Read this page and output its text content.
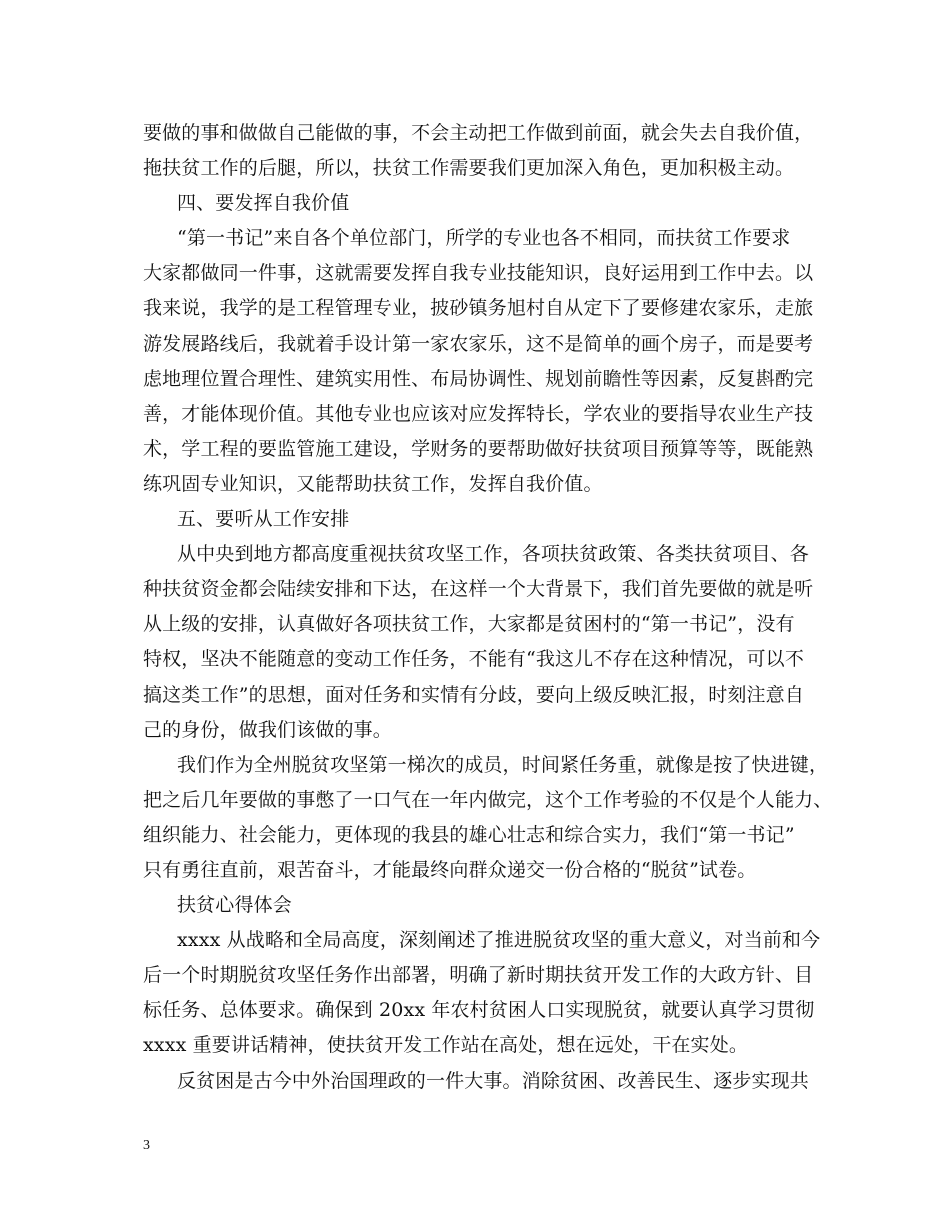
要做的事和做做自己能做的事，不会主动把工作做到前面，就会失去自我价值，
拖扶贫工作的后腿，所以，扶贫工作需要我们更加深入角色，更加积极主动。
四、要发挥自我价值
“第一书记”来自各个单位部门，所学的专业也各不相同，而扶贫工作要求
大家都做同一件事，这就需要发挥自我专业技能知识，良好运用到工作中去。以
我来说，我学的是工程管理专业，披砂镇务旭村自从定下了要修建农家乐，走旅
游发展路线后，我就着手设计第一家农家乐，这不是简单的画个房子，而是要考
虑地理位置合理性、建筑实用性、布局协调性、规划前瞻性等因素，反复斟酌完
善，才能体现价值。其他专业也应该对应发挥特长，学农业的要指导农业生产技
术，学工程的要监管施工建设，学财务的要帮助做好扶贫项目预算等等，既能熟
练巩固专业知识，又能帮助扶贫工作，发挥自我价值。
五、要听从工作安排
从中央到地方都高度重视扶贫攻坚工作，各项扶贫政策、各类扶贫项目、各
种扶贫资金都会陆续安排和下达，在这样一个大背景下，我们首先要做的就是听
从上级的安排，认真做好各项扶贫工作，大家都是贫困村的“第一书记”，没有
特权，坚决不能随意的变动工作任务，不能有“我这儿不存在这种情况，可以不
搞这类工作”的思想，面对任务和实情有分歧，要向上级反映汇报，时刻注意自
己的身份，做我们该做的事。
我们作为全州脱贫攻坚第一梯次的成员，时间紧任务重，就像是按了快进键，
把之后几年要做的事憋了一口气在一年内做完，这个工作考验的不仅是个人能力、
组织能力、社会能力，更体现的我县的雄心壮志和综合实力，我们“第一书记”
只有勇往直前，艰苦奋斗，才能最终向群众递交一份合格的“脱贫”试卷。
扶贫心得体会
xxxx 从战略和全局高度，深刻阐述了推进脱贫攻坚的重大意义，对当前和今
后一个时期脱贫攻坚任务作出部署，明确了新时期扶贫开发工作的大政方针、目
标任务、总体要求。确保到 20xx 年农村贫困人口实现脱贫，就要认真学习贯彻
xxxx 重要讲话精神，使扶贫开发工作站在高处，想在远处，干在实处。
反贫困是古今中外治国理政的一件大事。消除贫困、改善民生、逐步实现共
3
